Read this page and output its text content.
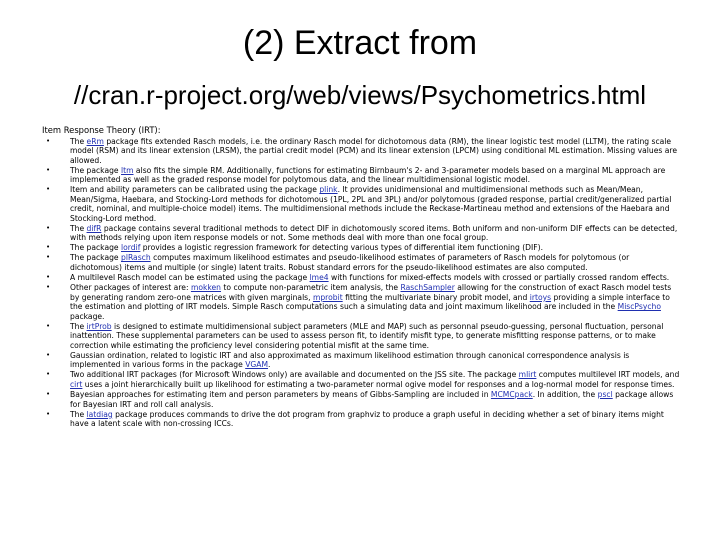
(2) Extract from
//cran.r-project.org/web/views/Psychometrics.html
Item Response Theory (IRT):
•	The eRm package fits extended Rasch models, i.e. the ordinary Rasch model for dichotomous data (RM), the linear logistic test model (LLTM), the rating scale model (RSM) and its linear extension (LRSM), the partial credit model (PCM) and its linear extension (LPCM) using conditional ML estimation. Missing values are allowed.
•	The package ltm also fits the simple RM. Additionally, functions for estimating Birnbaum's 2- and 3-parameter models based on a marginal ML approach are implemented as well as the graded response model for polytomous data, and the linear multidimensional logistic model.
•	Item and ability parameters can be calibrated using the package plink. It provides unidimensional and multidimensional methods such as Mean/Mean, Mean/Sigma, Haebara, and Stocking-Lord methods for dichotomous (1PL, 2PL and 3PL) and/or polytomous (graded response, partial credit/generalized partial credit, nominal, and multiple-choice model) items. The multidimensional methods include the Reckase-Martineau method and extensions of the Haebara and Stocking-Lord method.
•	The difR package contains several traditional methods to detect DIF in dichotomously scored items. Both uniform and non-uniform DIF effects can be detected, with methods relying upon item response models or not. Some methods deal with more than one focal group.
•	The package lordif provides a logistic regression framework for detecting various types of differential item functioning (DIF).
•	The package plRasch computes maximum likelihood estimates and pseudo-likelihood estimates of parameters of Rasch models for polytomous (or dichotomous) items and multiple (or single) latent traits. Robust standard errors for the pseudo-likelihood estimates are also computed.
•	A multilevel Rasch model can be estimated using the package lme4 with functions for mixed-effects models with crossed or partially crossed random effects.
•	Other packages of interest are: mokken to compute non-parametric item analysis, the RaschSampler allowing for the construction of exact Rasch model tests by generating random zero-one matrices with given marginals, mprobit fitting the multivariate binary probit model, and irtoys providing a simple interface to the estimation and plotting of IRT models. Simple Rasch computations such a simulating data and joint maximum likelihood are included in the MiscPsycho package.
•	The irtProb is designed to estimate multidimensional subject parameters (MLE and MAP) such as personnal pseudo-guessing, personal fluctuation, personal inattention. These supplemental parameters can be used to assess person fit, to identify misfit type, to generate misfitting response patterns, or to make correction while estimating the proficiency level considering potential misfit at the same time.
•	Gaussian ordination, related to logistic IRT and also approximated as maximum likelihood estimation through canonical correspondence analysis is implemented in various forms in the package VGAM.
•	Two additional IRT packages (for Microsoft Windows only) are available and documented on the JSS site. The package mlirt computes multilevel IRT models, and cirt uses a joint hierarchically built up likelihood for estimating a two-parameter normal ogive model for responses and a log-normal model for response times.
•	Bayesian approaches for estimating item and person parameters by means of Gibbs-Sampling are included in MCMCpack. In addition, the pscl package allows for Bayesian IRT and roll call analysis.
•	The latdiag package produces commands to drive the dot program from graphviz to produce a graph useful in deciding whether a set of binary items might have a latent scale with non-crossing ICCs.
